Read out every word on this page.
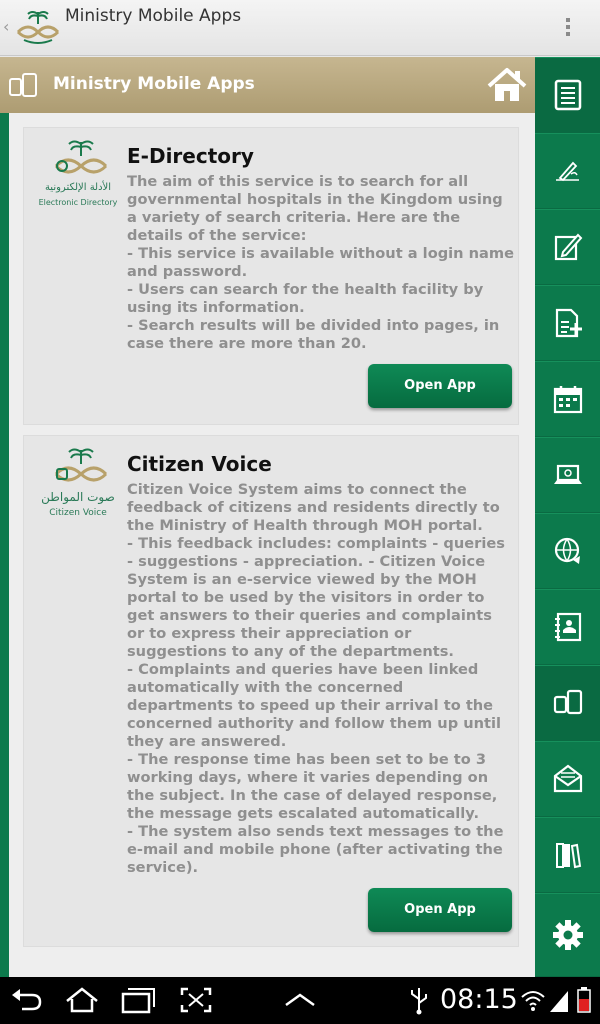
‹
Ministry Mobile Apps
Ministry Mobile Apps
الأدلة الإلكترونية
Electronic Directory
E-Directory
The aim of this service is to search for all governmental hospitals in the Kingdom using a variety of search criteria. Here are the details of the service:
- This service is available without a login name and password.
- Users can search for the health facility by using its information.
- Search results will be divided into pages, in case there are more than 20.
Open App
صوت المواطن
Citizen Voice
Citizen Voice
Citizen Voice System aims to connect the feedback of citizens and residents directly to the Ministry of Health through MOH portal.
- This feedback includes: complaints - queries - suggestions - appreciation. - Citizen Voice System is an e-service viewed by the MOH portal to be used by the visitors in order to get answers to their queries and complaints or to express their appreciation or suggestions to any of the departments.
- Complaints and queries have been linked automatically with the concerned departments to speed up their arrival to the concerned authority and follow them up until they are answered.
- The response time has been set to be to 3 working days, where it varies depending on the subject. In the case of delayed response, the message gets escalated automatically.
- The system also sends text messages to the e-mail and mobile phone (after activating the service).
Open App
08:15
